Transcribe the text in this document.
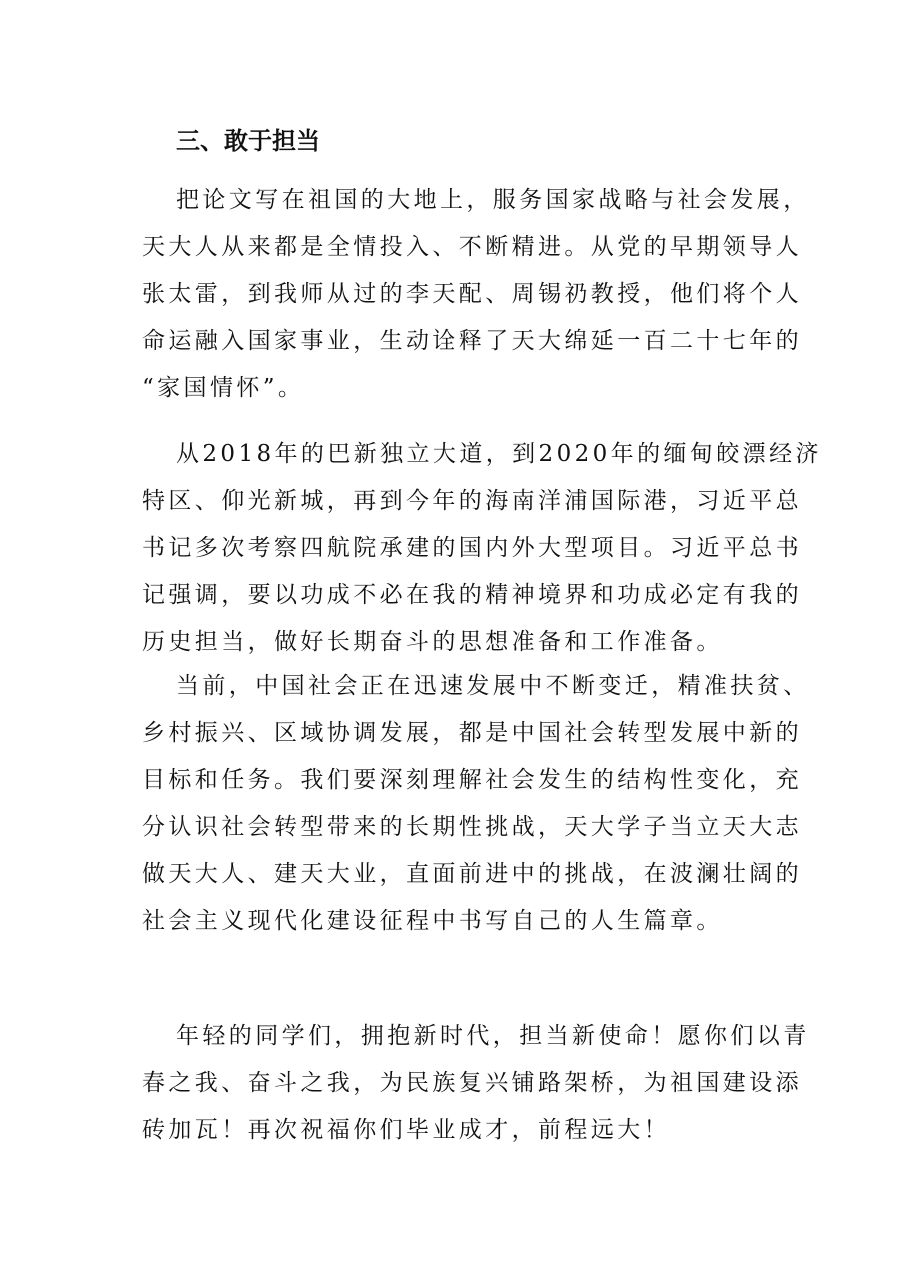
三、敢于担当
把论文写在祖国的大地上，服务国家战略与社会发展，
天大人从来都是全情投入、不断精进。从党的早期领导人
张太雷，到我师从过的李天配、周锡礽教授，他们将个人
命运融入国家事业，生动诠释了天大绵延一百二十七年的
“家国情怀”。
从2018年的巴新独立大道，到2020年的缅甸皎漂经济
特区、仰光新城，再到今年的海南洋浦国际港，习近平总
书记多次考察四航院承建的国内外大型项目。习近平总书
记强调，要以功成不必在我的精神境界和功成必定有我的
历史担当，做好长期奋斗的思想准备和工作准备。
当前，中国社会正在迅速发展中不断变迁，精准扶贫、
乡村振兴、区域协调发展，都是中国社会转型发展中新的
目标和任务。我们要深刻理解社会发生的结构性变化，充
分认识社会转型带来的长期性挑战，天大学子当立天大志
做天大人、建天大业，直面前进中的挑战，在波澜壮阔的
社会主义现代化建设征程中书写自己的人生篇章。
年轻的同学们，拥抱新时代，担当新使命！愿你们以青
春之我、奋斗之我，为民族复兴铺路架桥，为祖国建设添
砖加瓦！再次祝福你们毕业成才，前程远大！
